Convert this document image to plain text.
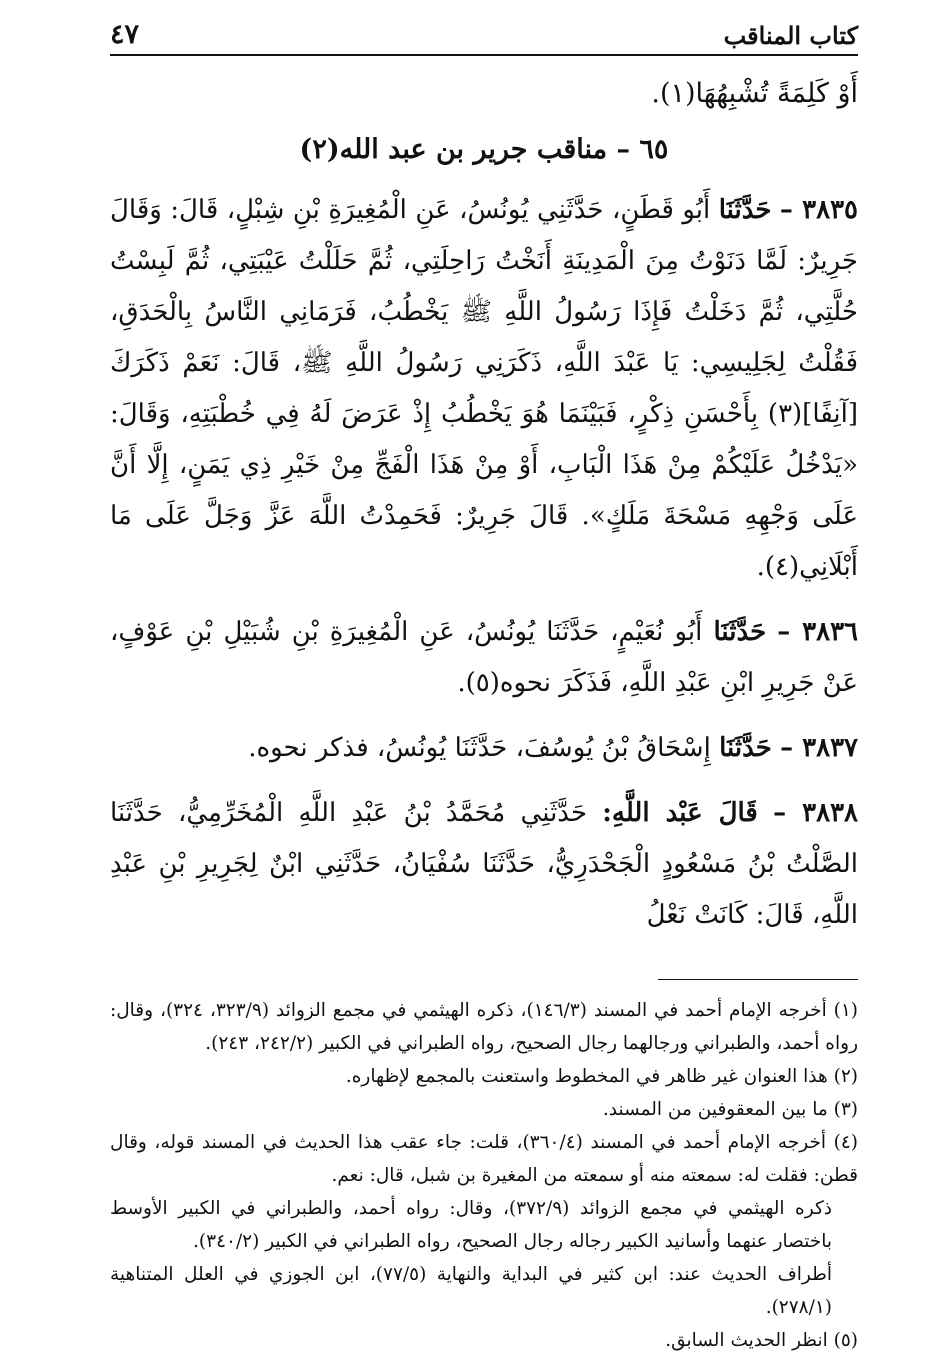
كتاب المناقب
٤٧
أَوْ كَلِمَةً تُشْبِهُهَا(١).
٦٥ – مناقب جرير بن عبد الله(٢)

٣٨٣٥ – حَدَّثَنَا أَبُو قَطَنٍ، حَدَّثَنِي يُونُسُ، عَنِ الْمُغِيرَةِ بْنِ شِبْلٍ، قَالَ: وَقَالَ جَرِيرٌ: لَمَّا دَنَوْتُ مِنَ الْمَدِينَةِ أَنَخْتُ رَاحِلَتِي، ثُمَّ حَلَلْتُ عَيْبَتِي، ثُمَّ لَبِسْتُ حُلَّتِي، ثُمَّ دَخَلْتُ فَإِذَا رَسُولُ اللَّهِ ﷺ يَخْطُبُ، فَرَمَانِي النَّاسُ بِالْحَدَقِ، فَقُلْتُ لِجَلِيسِي: يَا عَبْدَ اللَّهِ، ذَكَرَنِي رَسُولُ اللَّهِ ﷺ، قَالَ: نَعَمْ ذَكَرَكَ [آنِفًا](٣) بِأَحْسَنِ ذِكْرٍ، فَبَيْنَمَا هُوَ يَخْطُبُ إِذْ عَرَضَ لَهُ فِي خُطْبَتِهِ، وَقَالَ: «يَدْخُلُ عَلَيْكُمْ مِنْ هَذَا الْبَابِ، أَوْ مِنْ هَذَا الْفَجِّ مِنْ خَيْرِ ذِي يَمَنٍ، إِلَّا أَنَّ عَلَى وَجْهِهِ مَسْحَةَ مَلَكٍ». قَالَ جَرِيرٌ: فَحَمِدْتُ اللَّهَ عَزَّ وَجَلَّ عَلَى مَا أَبْلَانِي(٤).

٣٨٣٦ – حَدَّثَنَا أَبُو نُعَيْمٍ، حَدَّثَنَا يُونُسُ، عَنِ الْمُغِيرَةِ بْنِ شُبَيْلِ بْنِ عَوْفٍ، عَنْ جَرِيرِ ابْنِ عَبْدِ اللَّهِ، فَذَكَرَ نحوه(٥).

٣٨٣٧ – حَدَّثَنَا إِسْحَاقُ بْنُ يُوسُفَ، حَدَّثَنَا يُونُسُ، فذكر نحوه.

٣٨٣٨ – قَالَ عَبْد اللَّهِ: حَدَّثَنِي مُحَمَّدُ بْنُ عَبْدِ اللَّهِ الْمُخَرِّمِيُّ، حَدَّثَنَا الصَّلْتُ بْنُ مَسْعُودٍ الْجَحْدَرِيُّ، حَدَّثَنَا سُفْيَانُ، حَدَّثَنِي ابْنٌ لِجَرِيرِ بْنِ عَبْدِ اللَّهِ، قَالَ: كَانَتْ نَعْلُ

(١) أخرجه الإمام أحمد في المسند (١٤٦/٣)، ذكره الهيثمي في مجمع الزوائد (٣٢٣/٩، ٣٢٤)، وقال: رواه أحمد، والطبراني ورجالهما رجال الصحيح، رواه الطبراني في الكبير (٢٤٢/٢، ٢٤٣).

(٢) هذا العنوان غير ظاهر في المخطوط واستعنت بالمجمع لإظهاره.

(٣) ما بين المعقوفين من المسند.

(٤) أخرجه الإمام أحمد في المسند (٣٦٠/٤)، قلت: جاء عقب هذا الحديث في المسند قوله، وقال قطن: فقلت له: سمعته منه أو سمعته من المغيرة بن شبل، قال: نعم.

ذكره الهيثمي في مجمع الزوائد (٣٧٢/٩)، وقال: رواه أحمد، والطبراني في الكبير الأوسط باختصار عنهما وأسانيد الكبير رجاله رجال الصحيح، رواه الطبراني في الكبير (٣٤٠/٢).

أطراف الحديث عند: ابن كثير في البداية والنهاية (٧٧/٥)، ابن الجوزي في العلل المتناهية (٢٧٨/١).

(٥) انظر الحديث السابق.
